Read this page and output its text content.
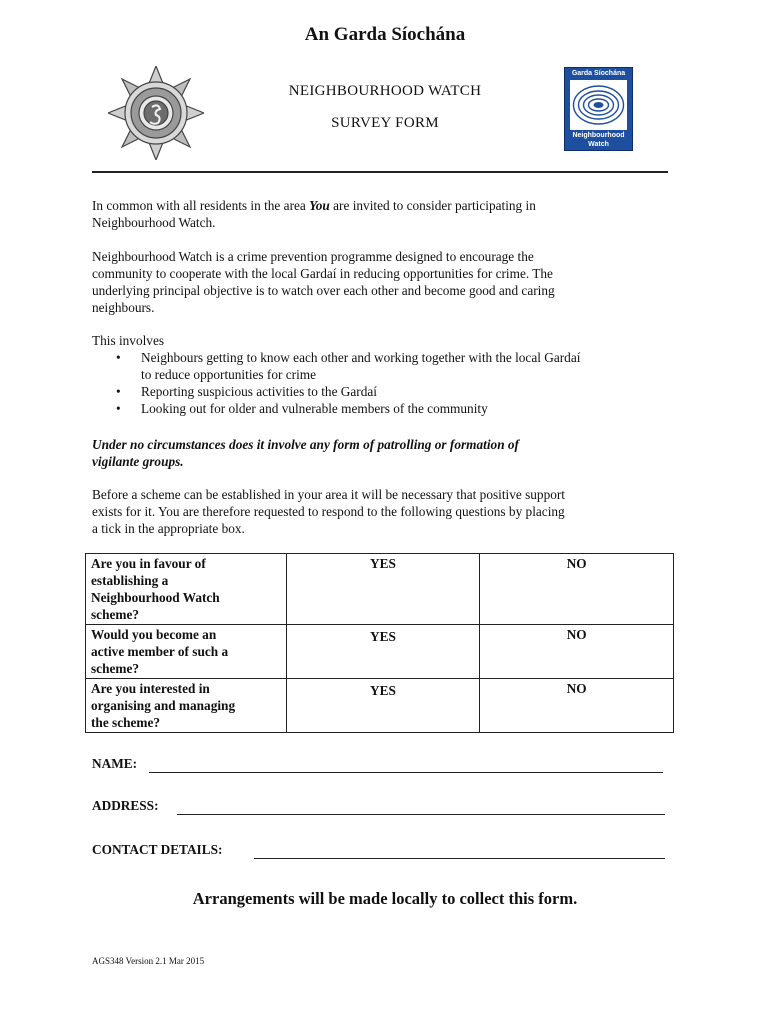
An Garda Síochána
NEIGHBOURHOOD WATCH
SURVEY FORM
Garda Síochána
Neighbourhood
Watch

In common with all residents in the area You are invited to consider participating in

Neighbourhood Watch.

Neighbourhood Watch is a crime prevention programme designed to encourage the

community to cooperate with the local Gardaí in reducing opportunities for crime. The

underlying principal objective is to watch over each other and become good and caring

neighbours.

This involves

• Neighbours getting to know each other and working together with the local Gardaí

to reduce opportunities for crime

• Reporting suspicious activities to the Gardaí

• Looking out for older and vulnerable members of the community

Under no circumstances does it involve any form of patrolling or formation of

vigilante groups.

Before a scheme can be established in your area it will be necessary that positive support

exists for it. You are therefore requested to respond to the following questions by placing

a tick in the appropriate box.

Are you in favour of
establishing a
Neighbourhood Watch
scheme?	YES	NO

Would you become an
active member of such a
scheme?	YES	NO

Are you interested in
organising and managing
the scheme?	YES	NO
NAME:
ADDRESS:
CONTACT DETAILS:
Arrangements will be made locally to collect this form.
AGS348 Version 2.1 Mar 2015
